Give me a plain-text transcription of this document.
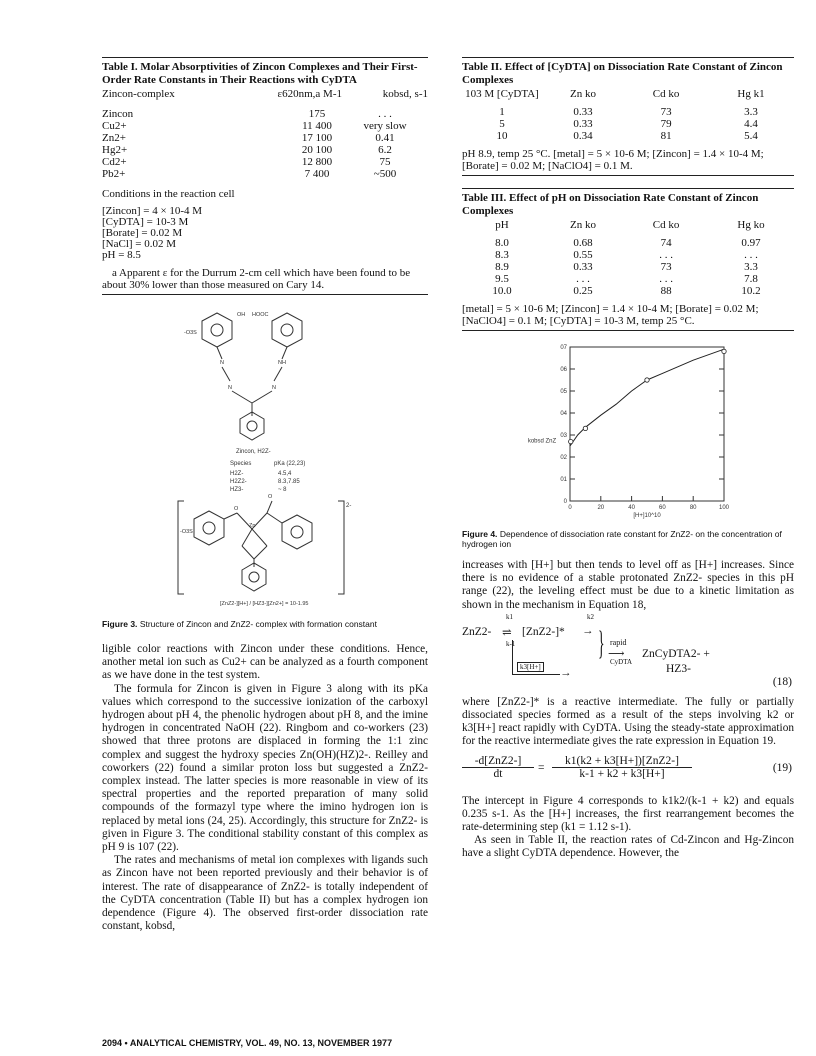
Table I. Molar Absorptivities of Zincon Complexes and Their First-Order Rate Constants in Their Reactions with CyDTA
Zincon-complex	ε620nm,a M-1	kobsd, s-1

Zincon	175	. . .
Cu2+	11 400	very slow
Zn2+	17 100	0.41
Hg2+	20 100	6.2
Cd2+	12 800	75
Pb2+	7 400	~500
Conditions in the reaction cell
[Zincon] = 4 × 10-4 M
[CyDTA] = 10-3 M
[Borate] = 0.02 M
[NaCl] = 0.02 M
pH = 8.5
a Apparent ε for the Durrum 2-cm cell which have been found to be about 30% lower than those measured on Cary 14.
OH HOOC
-O3S
N	NH
N	N
Zincon, H2Z-
Species	pKa (22,23)
H2Z-	4.5,4
H2Z2-	8.3,7.85
HZ3-	~ 8
-O3S
O
O
Zn
2-
[ZnZ2-][H+] / [HZ3-][Zn2+] = 10-1.95
Figure 3. Structure of Zincon and ZnZ2- complex with formation constant

ligible color reactions with Zincon under these conditions. Hence, another metal ion such as Cu2+ can be analyzed as a fourth component as we have done in the test system.

The formula for Zincon is given in Figure 3 along with its pKa values which correspond to the successive ionization of the carboxyl hydrogen about pH 4, the phenolic hydrogen about pH 8, and the imine hydrogen in concentrated NaOH (22). Ringbom and co-workers (23) showed that three protons are displaced in forming the 1:1 zinc complex and suggest the hydroxy species Zn(OH)(HZ)2-. Reilley and coworkers (22) found a similar proton loss but suggested a ZnZ2- complex instead. The latter species is more reasonable in view of its spectral properties and the reported preparation of many solid compounds of the formazyl type where the imino hydrogen ion is replaced by metal ions (24, 25). Accordingly, this structure for ZnZ2- is given in Figure 3. The conditional stability constant of this complex as pH 9 is 107 (22).

The rates and mechanisms of metal ion complexes with ligands such as Zincon have not been reported previously and their behavior is of interest. The rate of disappearance of ZnZ2- is totally independent of the CyDTA concentration (Table II) but has a complex hydrogen ion dependence (Figure 4). The observed first-order dissociation rate constant, kobsd,

Table II. Effect of [CyDTA] on Dissociation Rate Constant of Zincon Complexes
103 M [CyDTA]	Zn ko	Cd ko	Hg k1

1	0.33	73	3.3
5	0.33	79	4.4
10	0.34	81	5.4
pH 8.9, temp 25 °C. [metal] = 5 × 10-6 M; [Zincon] = 1.4 × 10-4 M; [Borate] = 0.02 M; [NaClO4] = 0.1 M.
Table III. Effect of pH on Dissociation Rate Constant of Zincon Complexes
pH	Zn ko	Cd ko	Hg ko

8.0	0.68	74	0.97
8.3	0.55	. . .	. . .
8.9	0.33	73	3.3
9.5	. . .	. . .	7.8
10.0	0.25	88	10.2
[metal] = 5 × 10-6 M; [Zincon] = 1.4 × 10-4 M; [Borate] = 0.02 M; [NaClO4] = 0.1 M; [CyDTA] = 10-3 M, temp 25 °C.
0
01
02
03
04
05
06
07
0	20	40	60	80	100
[H+]10^10
kobsd ZnZ
Figure 4. Dependence of dissociation rate constant for ZnZ2- on the concentration of hydrogen ion

increases with [H+] but then tends to level off as [H+] increases. Since there is no evidence of a stable protonated ZnZ2- species in this pH range (22), the leveling effect must be due to a kinetic limitation as shown in the mechanism in Equation 18,

ZnZ2-
k1
⇌
k-1
[ZnZ2-]*
k2
→
k3[H+] →
} rapid
⟶
CyDTA
ZnCyDTA2- +
HZ3-
(18)

where [ZnZ2-]* is a reactive intermediate. The fully or partially dissociated species formed as a result of the steps involving k2 or k3[H+] react rapidly with CyDTA. Using the steady-state approximation for the reactive intermediate gives the rate expression in Equation 19.

-d[ZnZ2-]
dt	=
k1(k2 + k3[H+])[ZnZ2-]
k-1 + k2 + k3[H+]	(19)

The intercept in Figure 4 corresponds to k1k2/(k-1 + k2) and equals 0.235 s-1. As the [H+] increases, the first rearrangement becomes the rate-determining step (k1 = 1.12 s-1).

As seen in Table II, the reaction rates of Cd-Zincon and Hg-Zincon have a slight CyDTA dependence. However, the

2094 • ANALYTICAL CHEMISTRY, VOL. 49, NO. 13, NOVEMBER 1977
